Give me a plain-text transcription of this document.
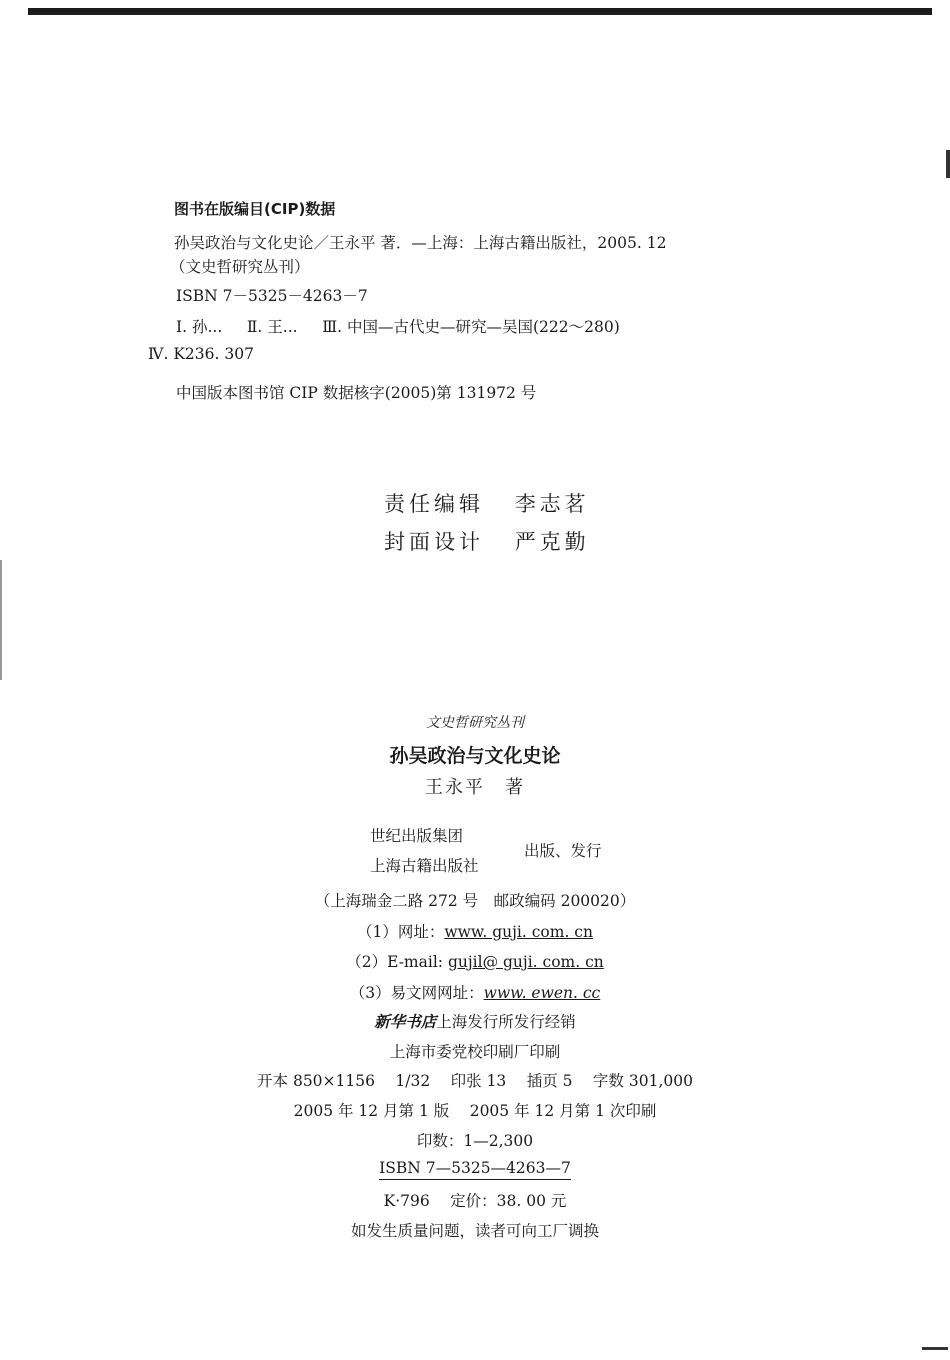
图书在版编目(CIP)数据
孙吴政治与文化史论／王永平 著．—上海：上海古籍出版社，2005. 12
（文史哲研究丛刊）
ISBN 7－5325－4263－7
Ⅰ. 孙...     Ⅱ. 王...     Ⅲ. 中国—古代史—研究—吴国(222～280)
Ⅳ. K236. 307
中国版本图书馆 CIP 数据核字(2005)第 131972 号
责任编辑 李志茗
封面设计 严克勤
文史哲研究丛刊
孙吴政治与文化史论
王永平　著
世纪出版集团
上海古籍出版社
出版、发行
（上海瑞金二路 272 号　邮政编码 200020）
（1）网址：www. guji. com. cn
（2）E-mail: gujil@ guji. com. cn
（3）易文网网址：www. ewen. cc
新华书店上海发行所发行经销
上海市委党校印刷厂印刷
开本 850×1156　 1/32　 印张 13　 插页 5　 字数 301,000
2005 年 12 月第 1 版　 2005 年 12 月第 1 次印刷
印数：1—2,300
ISBN 7—5325—4263—7
K·796　 定价：38. 00 元
如发生质量问题，读者可向工厂调换
